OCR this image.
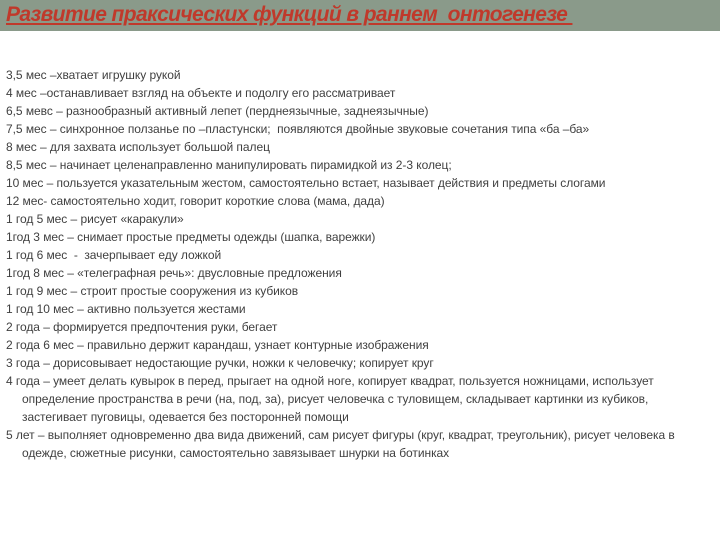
Развитие праксических функций в раннем  онтогенезе
3,5 мес –хватает игрушку рукой
4 мес –останавливает взгляд на объекте и подолгу его рассматривает
6,5 мевс – разнообразный активный лепет (перднеязычные, заднеязычные)
7,5 мес – синхронное ползанье по –пластунски;  появляются двойные звуковые сочетания типа «ба –ба»
8 мес – для захвата использует большой палец
8,5 мес – начинает целенаправленно манипулировать пирамидкой из 2-3 колец;
10 мес – пользуется указательным жестом, самостоятельно встает, называет действия и предметы слогами
12 мес- самостоятельно ходит, говорит короткие слова (мама, дада)
1 год 5 мес – рисует «каракули»
1год 3 мес – снимает простые предметы одежды (шапка, варежки)
1 год 6 мес  -  зачерпывает еду ложкой
1год 8 мес – «телеграфная речь»: двусловные предложения
1 год 9 мес – строит простые сооружения из кубиков
1 год 10 мес – активно пользуется жестами
2 года – формируется предпочтения руки, бегает
2 года 6 мес – правильно держит карандаш, узнает контурные изображения
3 года – дорисовывает недостающие ручки, ножки к человечку; копирует круг
4 года – умеет делать кувырок в перед, прыгает на одной ноге, копирует квадрат, пользуется ножницами, использует определение пространства в речи (на, под, за), рисует человечка с туловищем, складывает картинки из кубиков, застегивает пуговицы, одевается без посторонней помощи
5 лет – выполняет одновременно два вида движений, сам рисует фигуры (круг, квадрат, треугольник), рисует человека в одежде, сюжетные рисунки, самостоятельно завязывает шнурки на ботинках
